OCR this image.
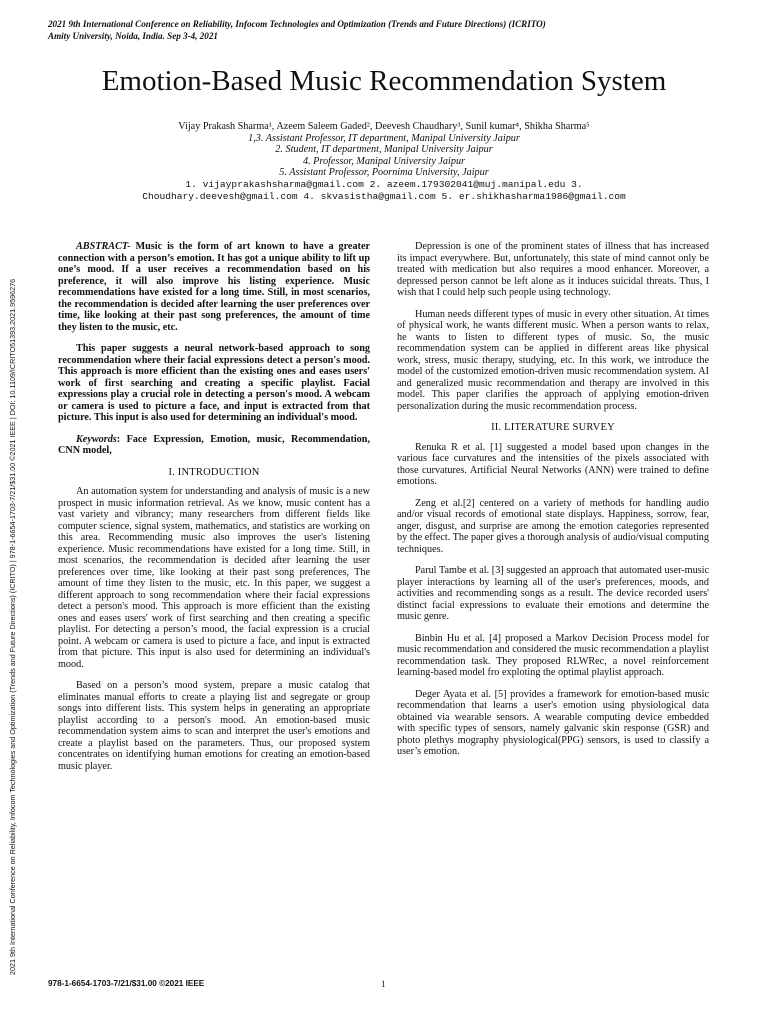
2021 9th International Conference on Reliability, Infocom Technologies and Optimization (Trends and Future Directions) (ICRITO) | 978-1-6654-1703-7/21/$31.00 ©2021 IEEE | DOI: 10.1109/ICRITO51393.2021.9596276
2021 9th International Conference on Reliability, Infocom Technologies and Optimization (Trends and Future Directions) (ICRITO)
Amity University, Noida, India. Sep 3-4, 2021
Emotion-Based Music Recommendation System
Vijay Prakash Sharma¹, Azeem Saleem Gaded², Deevesh Chaudhary³, Sunil kumar⁴, Shikha Sharma⁵
1,3. Assistant Professor, IT department, Manipal University Jaipur
2. Student, IT department, Manipal University Jaipur
4. Professor, Manipal University Jaipur
5. Assistant Professor, Poornima University, Jaipur
1. vijayprakashsharma@gmail.com 2. azeem.179302041@muj.manipal.edu 3.
Choudhary.deevesh@gmail.com 4. skvasistha@gmail.com 5. er.shikhasharma1986@gmail.com

ABSTRACT- Music is the form of art known to have a greater connection with a person’s emotion. It has got a unique ability to lift up one’s mood. If a user receives a recommendation based on his preference, it will also improve his listing experience. Music recommendations have existed for a long time. Still, in most scenarios, the recommendation is decided after learning the user preferences over time, like looking at their past song preferences, the amount of time they listen to the music, etc.

This paper suggests a neural network-based approach to song recommendation where their facial expressions detect a person's mood. This approach is more efficient than the existing ones and eases users' work of first searching and creating a specific playlist. Facial expressions play a crucial role in detecting a person's mood. A webcam or camera is used to picture a face, and input is extracted from that picture. This input is also used for determining an individual's mood.

Keywords: Face Expression, Emotion, music, Recommendation, CNN model,

I. INTRODUCTION

An automation system for understanding and analysis of music is a new prospect in music information retrieval. As we know, music content has a vast variety and vibrancy; many researchers from different fields like computer science, signal system, mathematics, and statistics are working on this area. Recommending music also improves the user's listening experience. Music recommendations have existed for a long time. Still, in most scenarios, the recommendation is decided after learning the user preferences over time, like looking at their past song preferences, The amount of time they listen to the music, etc. In this paper, we suggest a different approach to song recommendation where their facial expressions detect a person's mood. This approach is more efficient than the existing ones and eases users' work of first searching and then creating a specific playlist. For detecting a person’s mood, the facial expression is a crucial point. A webcam or camera is used to picture a face, and input is extracted from that picture. This input is also used for determining an individual's mood.

Based on a person’s mood system, prepare a music catalog that eliminates manual efforts to create a playing list and segregate or group songs into different lists. This system helps in generating an appropriate playlist according to a person's mood. An emotion-based music recommendation system aims to scan and interpret the user's emotions and create a playlist based on the parameters. Thus, our proposed system concentrates on identifying human emotions for creating an emotion-based music player.

Depression is one of the prominent states of illness that has increased its impact everywhere. But, unfortunately, this state of mind cannot only be treated with medication but also requires a mood enhancer. Moreover, a depressed person cannot be left alone as it induces suicidal threats. Thus, I wish that I could help such people using technology.

Human needs different types of music in every other situation. At times of physical work, he wants different music. When a person wants to relax, he wants to listen to different types of music. So, the music recommendation system can be applied in different areas like physical work, stress, music therapy, studying, etc. In this work, we introduce the model of the customized emotion-driven music recommendation system. AI and generalized music recommendation and therapy are involved in this model. This paper clarifies the approach of applying emotion-driven personalization during the music recommendation process.

II. LITERATURE SURVEY

Renuka R et al. [1] suggested a model based upon changes in the various face curvatures and the intensities of the pixels associated with those curvatures. Artificial Neural Networks (ANN) were trained to define emotions.

Zeng et al.[2] centered on a variety of methods for handling audio and/or visual records of emotional state displays. Happiness, sorrow, fear, anger, disgust, and surprise are among the emotion categories represented by the effect. The paper gives a thorough analysis of audio/visual computing techniques.

Parul Tambe et al. [3] suggested an approach that automated user-music player interactions by learning all of the user's preferences, moods, and activities and recommending songs as a result. The device recorded users' distinct facial expressions to evaluate their emotions and determine the music genre.

Binbin Hu et al. [4] proposed a Markov Decision Process model for music recommendation and considered the music recommendation a playlist recommendation task. They proposed RLWRec, a novel reinforcement learning-based model fro exploting the optimal playlist approach.

Deger Ayata et al. [5] provides a framework for emotion-based music recommendation that learns a user's emotion using physiological data obtained via wearable sensors. A wearable computing device embedded with specific types of sensors, namely galvanic skin response (GSR) and photo plethys mography physiological(PPG) sensors, is used to classify a user’s emotion.

978-1-6654-1703-7/21/$31.00 ©2021 IEEE	1
